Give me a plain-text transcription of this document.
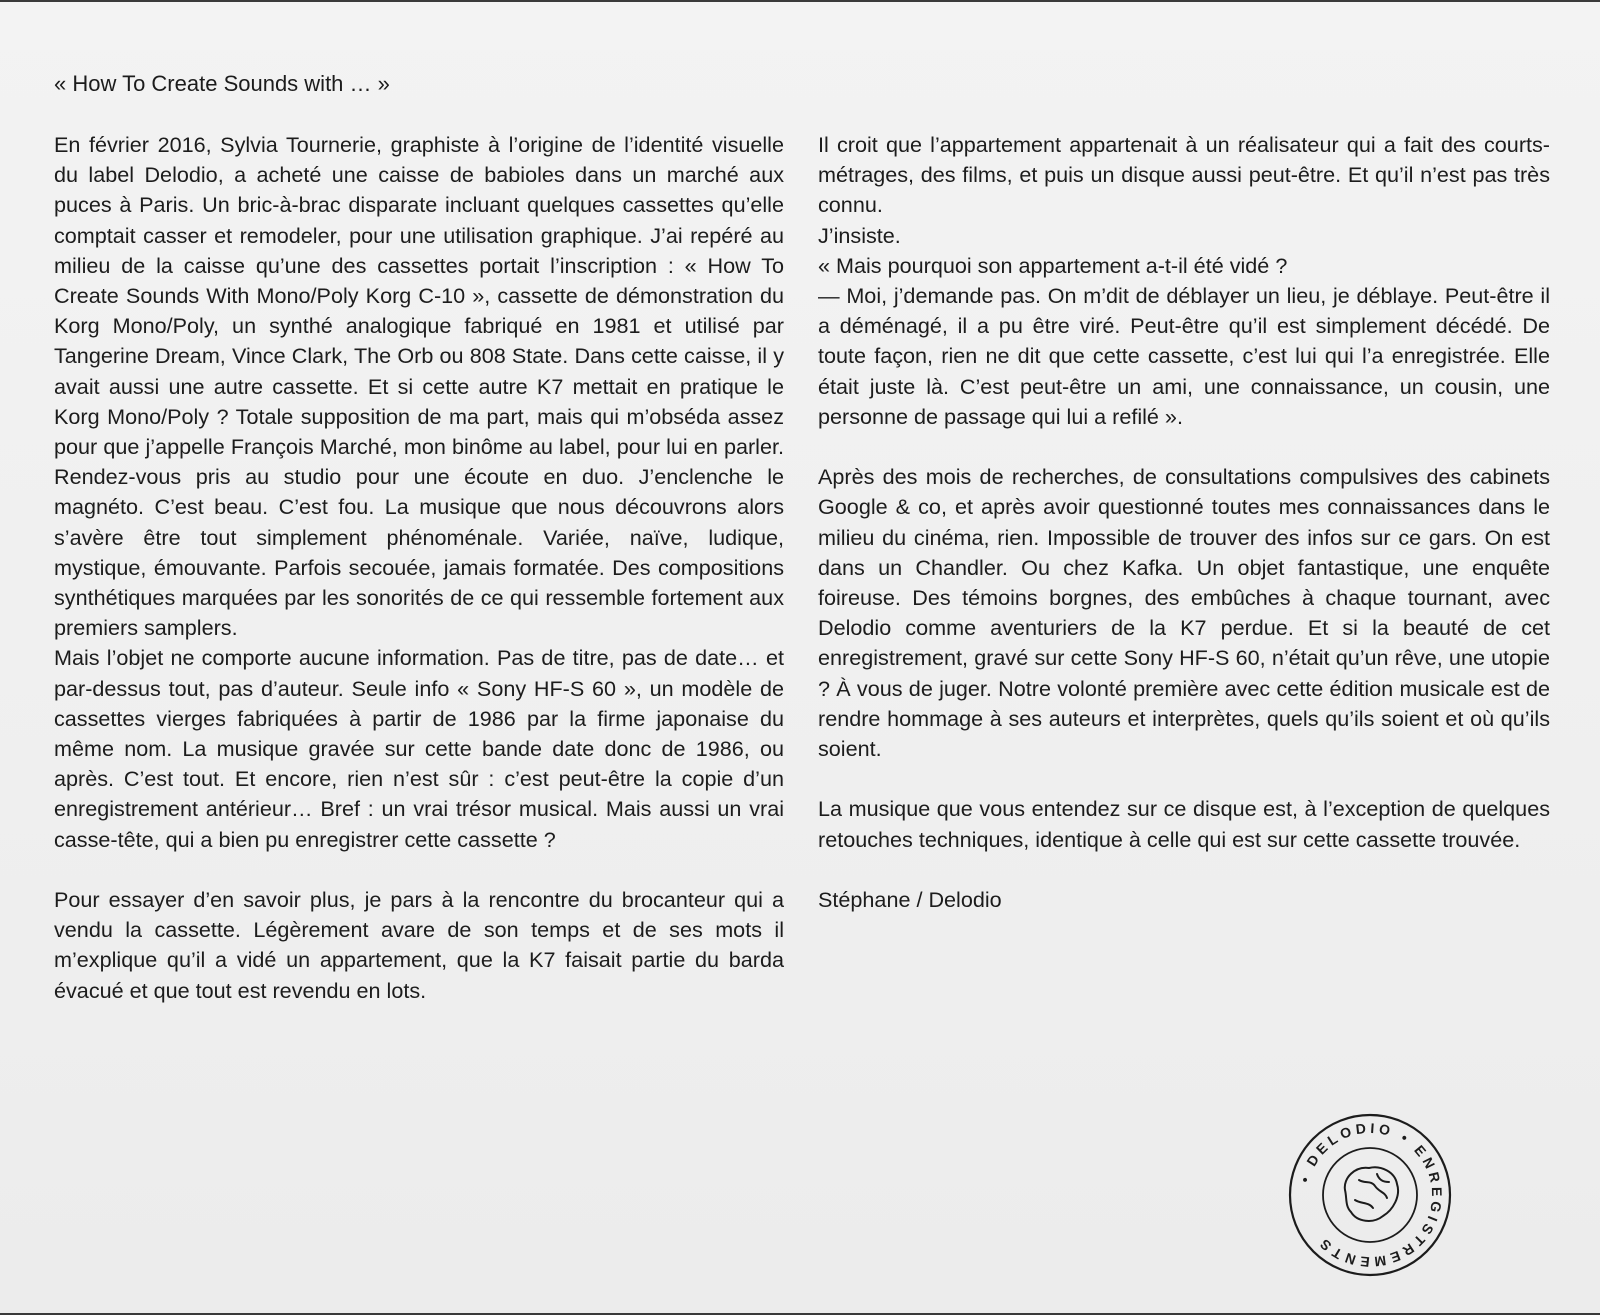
« How To Create Sounds with … »

En février 2016, Sylvia Tournerie, graphiste à l’origine de l’identité visuelle du label Delodio, a acheté une caisse de babioles dans un marché aux puces à Paris. Un bric-à-brac disparate incluant quelques cassettes qu’elle comptait casser et remodeler, pour une utilisation graphique. J’ai repéré au milieu de la caisse qu’une des cassettes portait l’inscription : « How To Create Sounds With Mono/Poly Korg C-10 », cassette de démonstration du Korg Mono/Poly, un synthé analogique fabriqué en 1981 et utilisé par Tangerine Dream, Vince Clark, The Orb ou 808 State. Dans cette caisse, il y avait aussi une autre cassette. Et si cette autre K7 mettait en pratique le Korg Mono/Poly ? Totale supposition de ma part, mais qui m’obséda assez pour que j’appelle François Marché, mon binôme au label, pour lui en parler. Rendez-vous pris au studio pour une écoute en duo. J’enclenche le magnéto. C’est beau. C’est fou. La musique que nous découvrons alors s’avère être tout simplement phénoménale. Variée, naïve, ludique, mystique, émouvante. Parfois secouée, jamais formatée. Des compositions synthétiques marquées par les sonorités de ce qui ressemble fortement aux premiers samplers.

Mais l’objet ne comporte aucune information. Pas de titre, pas de date… et par-dessus tout, pas d’auteur. Seule info « Sony HF-S 60 », un modèle de cassettes vierges fabriquées à partir de 1986 par la firme japonaise du même nom. La musique gravée sur cette bande date donc de 1986, ou après. C’est tout. Et encore, rien n’est sûr : c’est peut-être la copie d’un enregistrement antérieur… Bref : un vrai trésor musical. Mais aussi un vrai casse-tête, qui a bien pu enregistrer cette cassette ?

Pour essayer d’en savoir plus, je pars à la rencontre du brocanteur qui a vendu la cassette. Légèrement avare de son temps et de ses mots il m’explique qu’il a vidé un appartement, que la K7 faisait partie du barda évacué et que tout est revendu en lots.

Il croit que l’appartement appartenait à un réalisateur qui a fait des courts-métrages, des films, et puis un disque aussi peut-être. Et qu’il n’est pas très connu.

J’insiste.

« Mais pourquoi son appartement a-t-il été vidé ?

— Moi, j’demande pas. On m’dit de déblayer un lieu, je déblaye. Peut-être il a déménagé, il a pu être viré. Peut-être qu’il est simplement décédé. De toute façon, rien ne dit que cette cassette, c’est lui qui l’a enregistrée. Elle était juste là. C’est peut-être un ami, une connaissance, un cousin, une personne de passage qui lui a refilé ».

Après des mois de recherches, de consultations compulsives des cabinets Google & co, et après avoir questionné toutes mes connaissances dans le milieu du cinéma, rien. Impossible de trouver des infos sur ce gars. On est dans un Chandler. Ou chez Kafka. Un objet fantastique, une enquête foireuse. Des témoins borgnes, des embûches à chaque tournant, avec Delodio comme aventuriers de la K7 perdue. Et si la beauté de cet enregistrement, gravé sur cette Sony HF-S 60, n’était qu’un rêve, une utopie ? À vous de juger. Notre volonté première avec cette édition musicale est de rendre hommage à ses auteurs et interprètes, quels qu’ils soient et où qu’ils soient.

La musique que vous entendez sur ce disque est, à l’exception de quelques retouches techniques, identique à celle qui est sur cette cassette trouvée.

Stéphane / Delodio

• DELODIO • ENREGISTREMENTS
